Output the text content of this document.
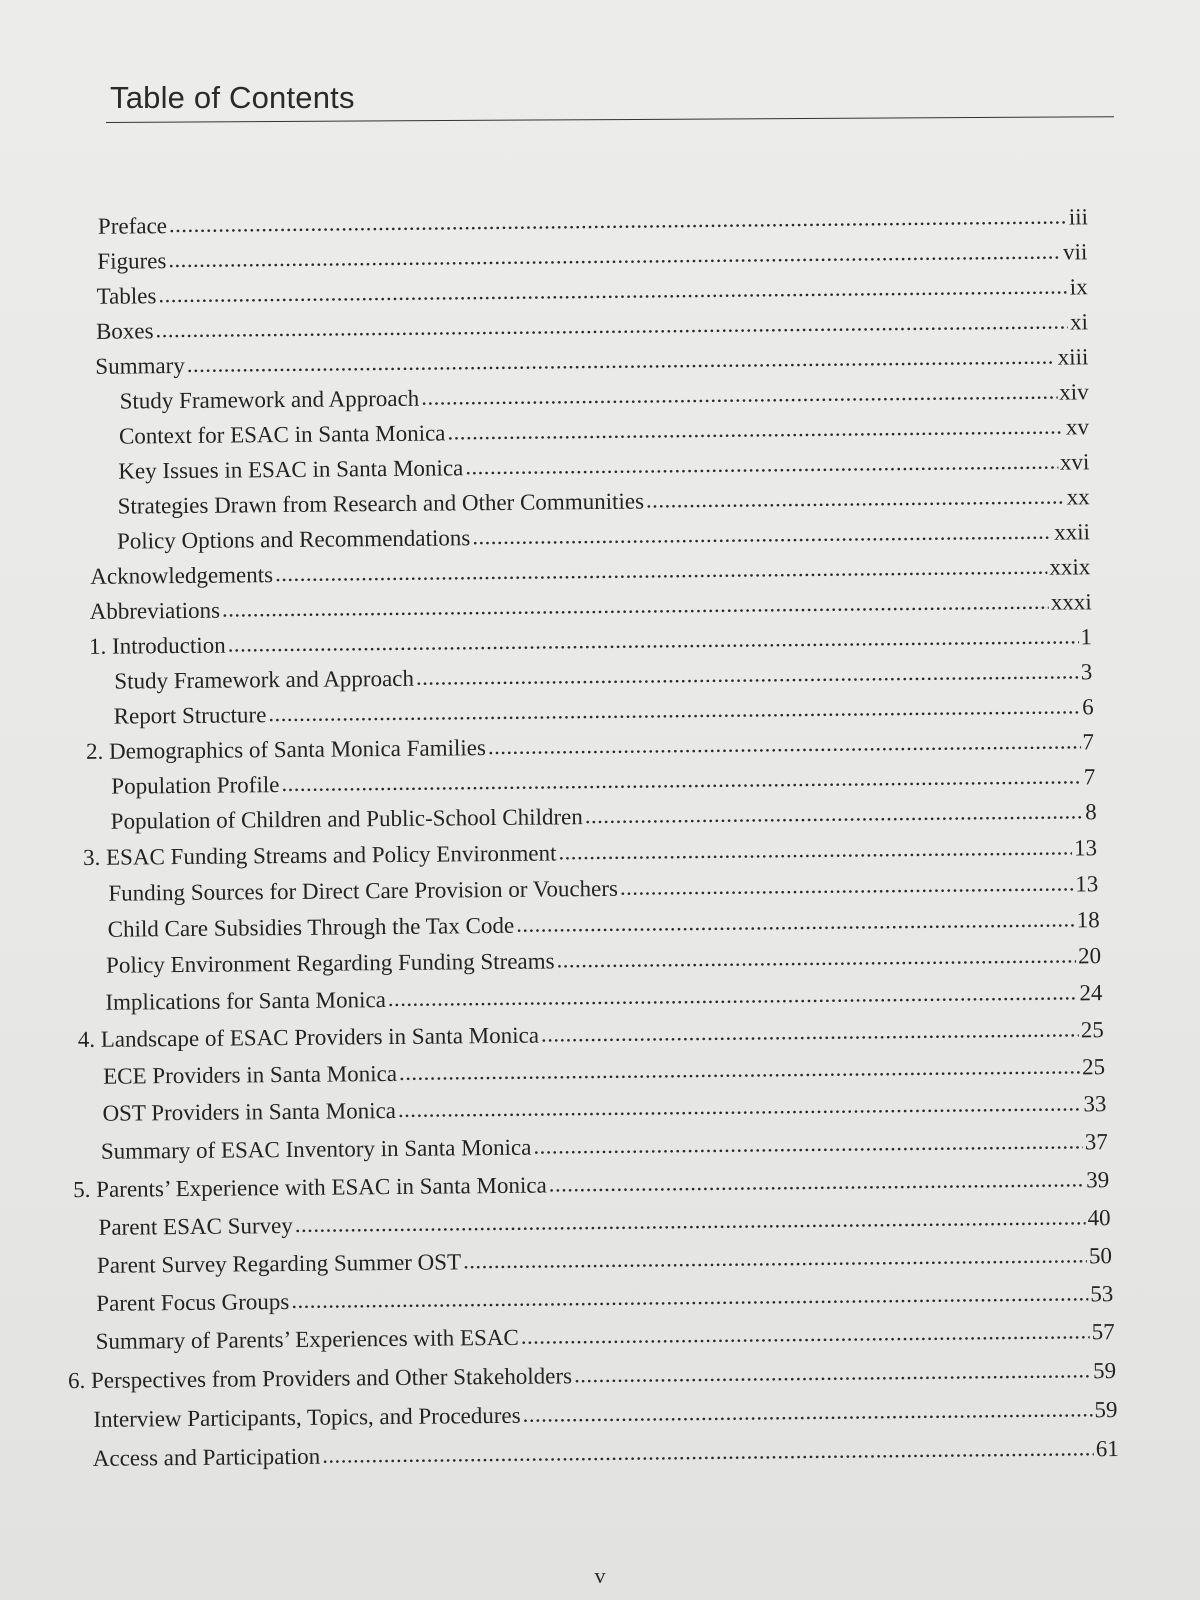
Table of Contents
Preface .....	iii
Figures .....	vii
Tables .....	ix
Boxes .....	xi
Summary .....	xiii
Study Framework and Approach .....	xiv
Context for ESAC in Santa Monica .....	xv
Key Issues in ESAC in Santa Monica .....	xvi
Strategies Drawn from Research and Other Communities .....	xx
Policy Options and Recommendations .....	xxii
Acknowledgements .....	xxix
Abbreviations .....	xxxi
1. Introduction .....	1
Study Framework and Approach .....	3
Report Structure .....	6
2. Demographics of Santa Monica Families .....	7
Population Profile .....	7
Population of Children and Public-School Children .....	8
3. ESAC Funding Streams and Policy Environment .....	13
Funding Sources for Direct Care Provision or Vouchers .....	13
Child Care Subsidies Through the Tax Code .....	18
Policy Environment Regarding Funding Streams .....	20
Implications for Santa Monica .....	24
4. Landscape of ESAC Providers in Santa Monica .....	25
ECE Providers in Santa Monica .....	25
OST Providers in Santa Monica .....	33
Summary of ESAC Inventory in Santa Monica .....	37
5. Parents’ Experience with ESAC in Santa Monica .....	39
Parent ESAC Survey .....	40
Parent Survey Regarding Summer OST .....	50
Parent Focus Groups .....	53
Summary of Parents’ Experiences with ESAC .....	57
6. Perspectives from Providers and Other Stakeholders .....	59
Interview Participants, Topics, and Procedures .....	59
Access and Participation .....	61
v
